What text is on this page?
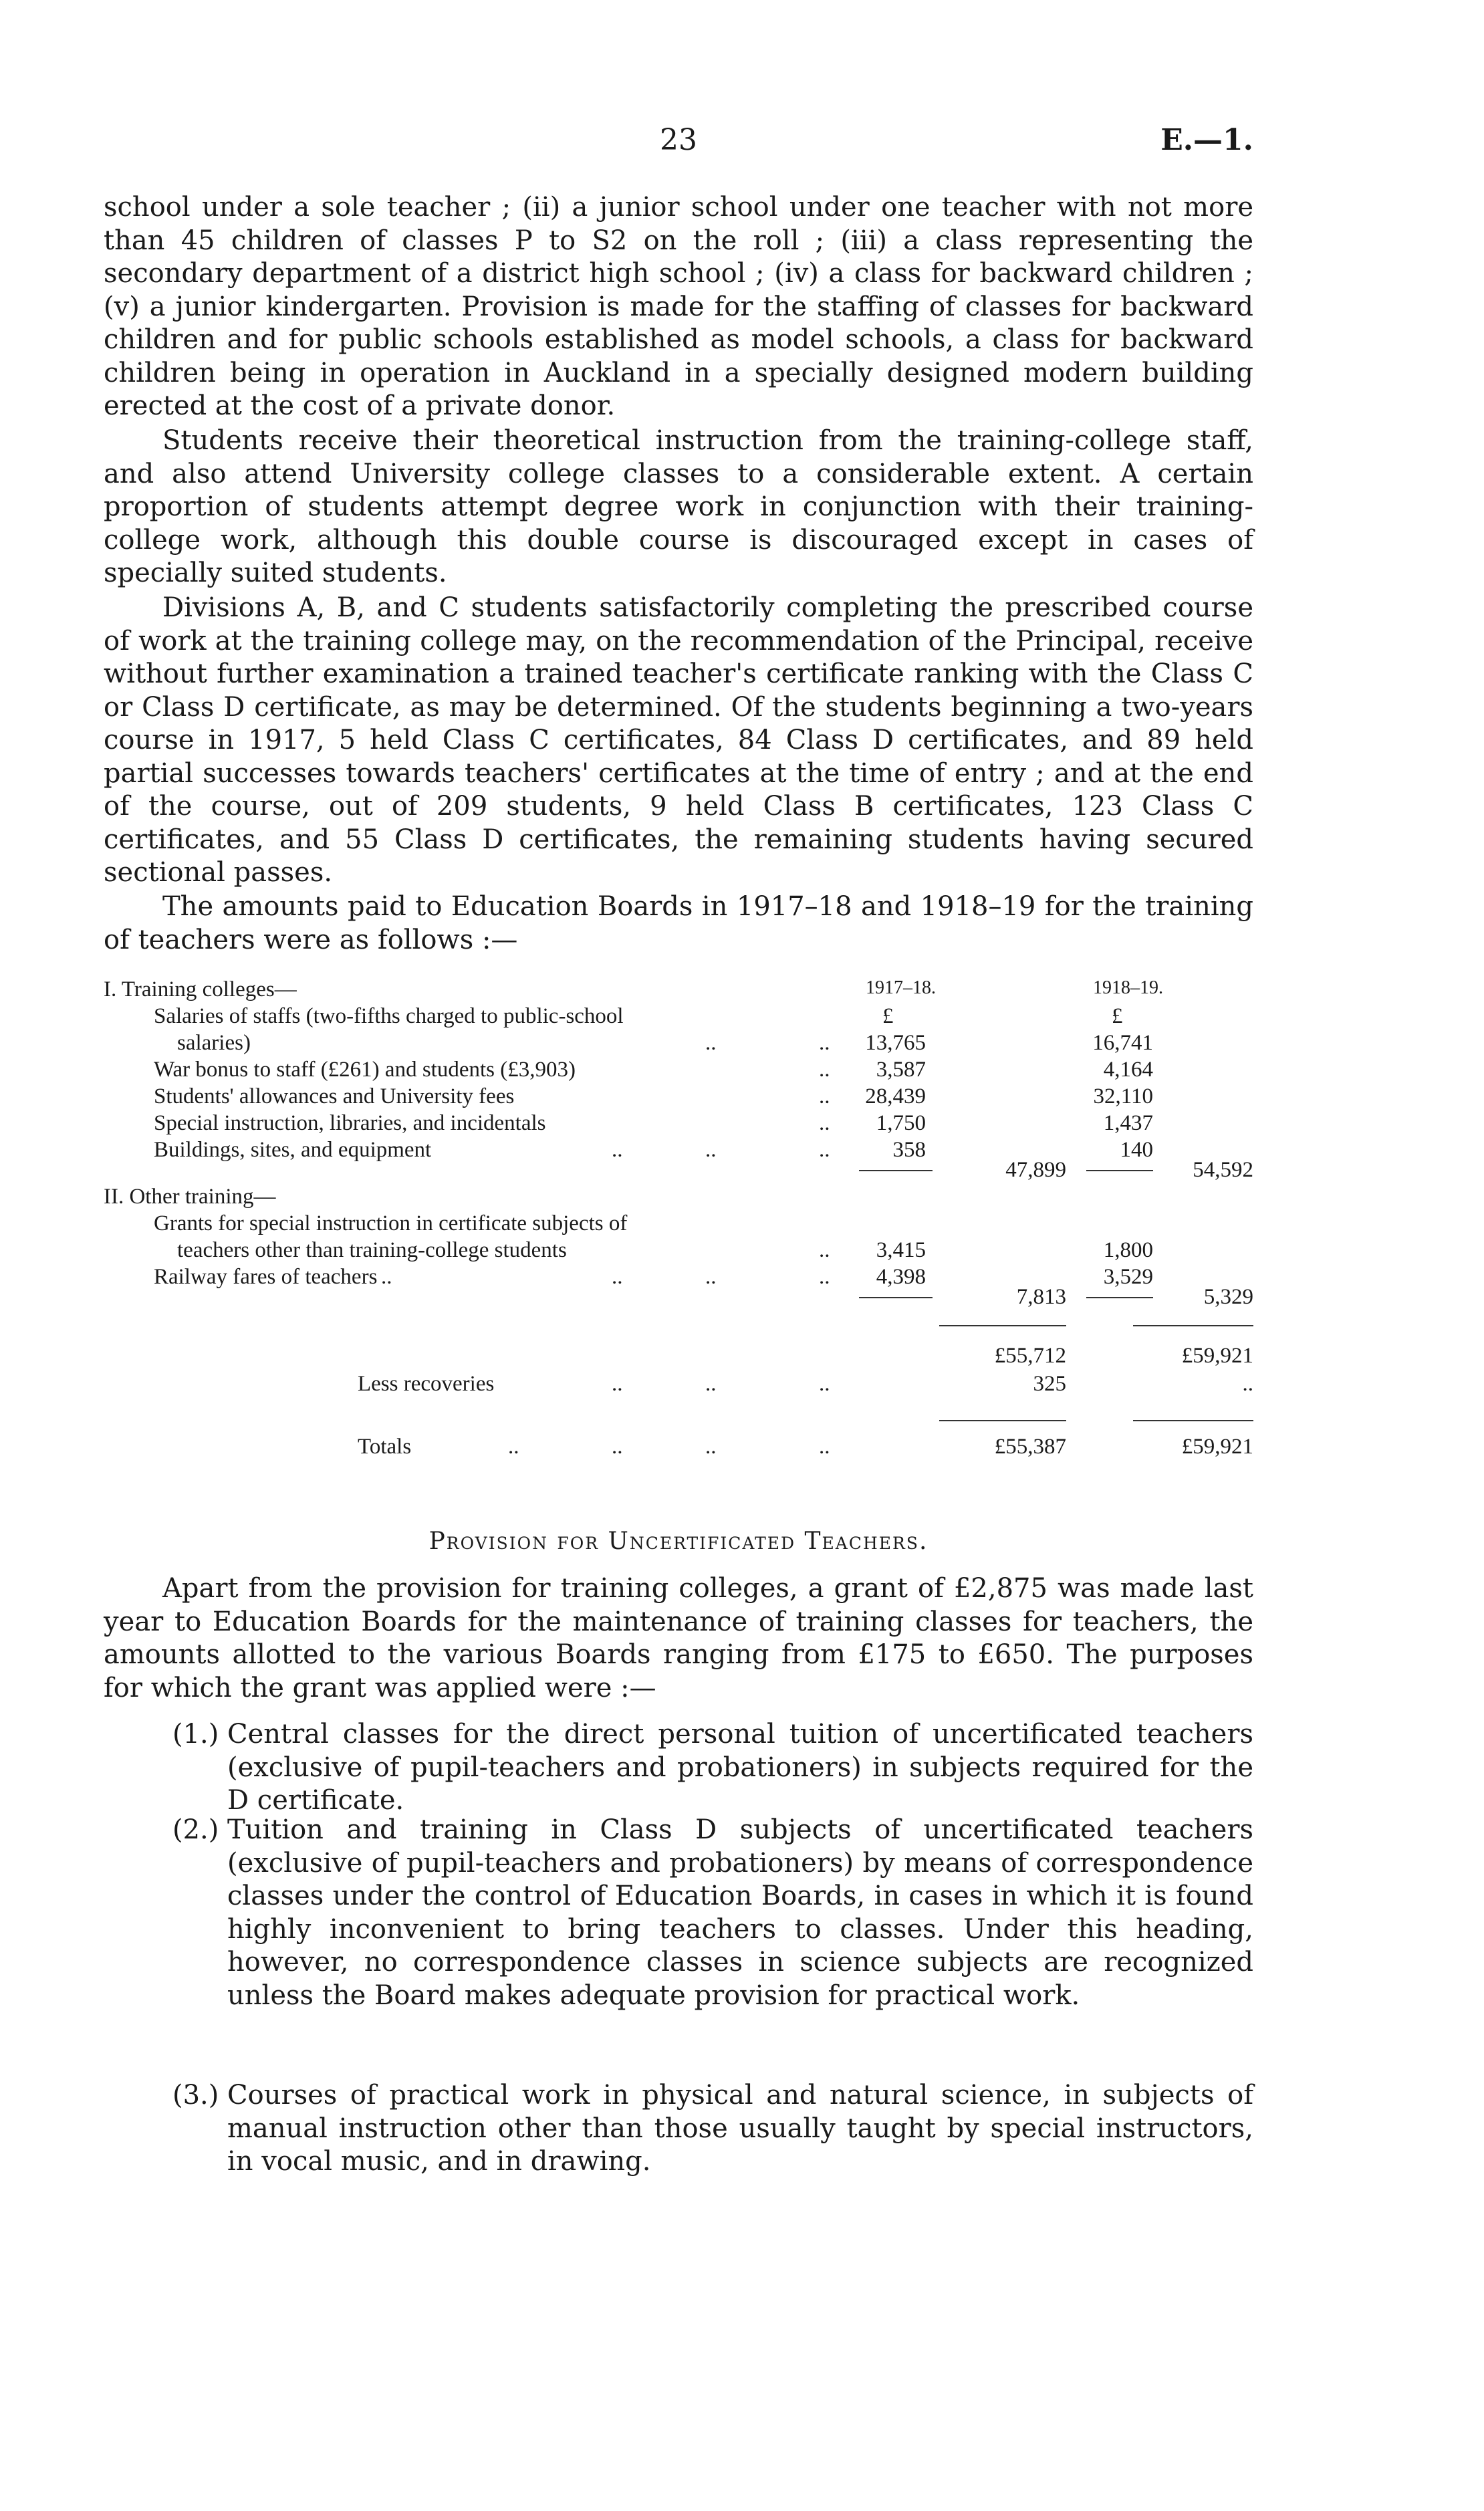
23	E.—1.
school under a sole teacher ; (ii) a junior school under one teacher with not more than 45 children of classes P to S2 on the roll ; (iii) a class representing the secondary department of a district high school ; (iv) a class for backward children ; (v) a junior kindergarten. Provision is made for the staffing of classes for backward children and for public schools established as model schools, a class for backward children being in operation in Auckland in a specially designed modern building erected at the cost of a private donor.
Students receive their theoretical instruction from the training-college staff, and also attend University college classes to a considerable extent. A certain proportion of students attempt degree work in conjunction with their training-college work, although this double course is discouraged except in cases of specially suited students.
Divisions A, B, and C students satisfactorily completing the prescribed course of work at the training college may, on the recommendation of the Principal, receive without further examination a trained teacher's certificate ranking with the Class C or Class D certificate, as may be determined. Of the students beginning a two-years course in 1917, 5 held Class C certificates, 84 Class D certificates, and 89 held partial successes towards teachers' certificates at the time of entry ; and at the end of the course, out of 209 students, 9 held Class B certificates, 123 Class C certificates, and 55 Class D certificates, the remaining students having secured sectional passes.
The amounts paid to Education Boards in 1917–18 and 1918–19 for the training of teachers were as follows :—
I. Training colleges—	1917–18.	1918–19.
Salaries of staffs (two-fifths charged to public-school	£	£
salaries)	..	..	13,765	16,741
War bonus to staff (£261) and students (£3,903)	..	3,587	4,164
Students' allowances and University fees	..	28,439	32,110
Special instruction, libraries, and incidentals	..	1,750	1,437
Buildings, sites, and equipment	..	..	..	358	140
47,899	54,592
II. Other training—
Grants for special instruction in certificate subjects of
teachers other than training-college students	..	3,415	1,800
Railway fares of teachers ..	..	..	..	4,398	3,529
7,813	5,329
£55,712	£59,921
Less recoveries	..	..	..	325	..
Totals	..	..	..	..	£55,387	£59,921
Provision for Uncertificated Teachers.
Apart from the provision for training colleges, a grant of £2,875 was made last year to Education Boards for the maintenance of training classes for teachers, the amounts allotted to the various Boards ranging from £175 to £650. The purposes for which the grant was applied were :—
(1.) Central classes for the direct personal tuition of uncertificated teachers (exclusive of pupil-teachers and probationers) in subjects required for the D certificate.
(2.) Tuition and training in Class D subjects of uncertificated teachers (exclusive of pupil-teachers and probationers) by means of correspondence classes under the control of Education Boards, in cases in which it is found highly inconvenient to bring teachers to classes. Under this heading, however, no correspondence classes in science subjects are recognized unless the Board makes adequate provision for practical work.
(3.) Courses of practical work in physical and natural science, in subjects of manual instruction other than those usually taught by special instructors, in vocal music, and in drawing.
